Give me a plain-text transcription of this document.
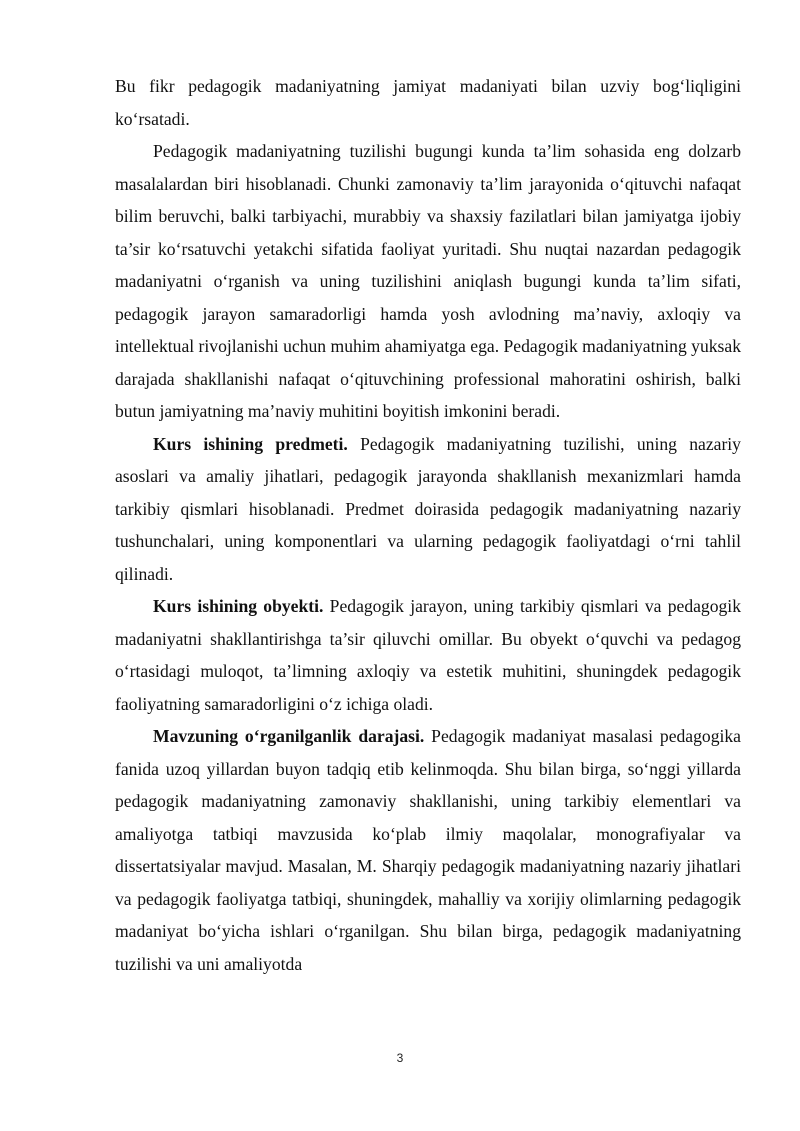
Bu fikr pedagogik madaniyatning jamiyat madaniyati bilan uzviy bog‘liqligini ko‘rsatadi.

Pedagogik madaniyatning tuzilishi bugungi kunda ta’lim sohasida eng dolzarb masalalardan biri hisoblanadi. Chunki zamonaviy ta’lim jarayonida o‘qituvchi nafaqat bilim beruvchi, balki tarbiyachi, murabbiy va shaxsiy fazilatlari bilan jamiyatga ijobiy ta’sir ko‘rsatuvchi yetakchi sifatida faoliyat yuritadi. Shu nuqtai nazardan pedagogik madaniyatni o‘rganish va uning tuzilishini aniqlash bugungi kunda ta’lim sifati, pedagogik jarayon samaradorligi hamda yosh avlodning ma’naviy, axloqiy va intellektual rivojlanishi uchun muhim ahamiyatga ega. Pedagogik madaniyatning yuksak darajada shakllanishi nafaqat o‘qituvchining professional mahoratini oshirish, balki butun jamiyatning ma’naviy muhitini boyitish imkonini beradi.

Kurs ishining predmeti. Pedagogik madaniyatning tuzilishi, uning nazariy asoslari va amaliy jihatlari, pedagogik jarayonda shakllanish mexanizmlari hamda tarkibiy qismlari hisoblanadi. Predmet doirasida pedagogik madaniyatning nazariy tushunchalari, uning komponentlari va ularning pedagogik faoliyatdagi o‘rni tahlil qilinadi.

Kurs ishining obyekti. Pedagogik jarayon, uning tarkibiy qismlari va pedagogik madaniyatni shakllantirishga ta’sir qiluvchi omillar. Bu obyekt o‘quvchi va pedagog o‘rtasidagi muloqot, ta’limning axloqiy va estetik muhitini, shuningdek pedagogik faoliyatning samaradorligini o‘z ichiga oladi.

Mavzuning o‘rganilganlik darajasi. Pedagogik madaniyat masalasi pedagogika fanida uzoq yillardan buyon tadqiq etib kelinmoqda. Shu bilan birga, so‘nggi yillarda pedagogik madaniyatning zamonaviy shakllanishi, uning tarkibiy elementlari va amaliyotga tatbiqi mavzusida ko‘plab ilmiy maqolalar, monografiyalar va dissertatsiyalar mavjud. Masalan, M. Sharqiy pedagogik madaniyatning nazariy jihatlari va pedagogik faoliyatga tatbiqi, shuningdek, mahalliy va xorijiy olimlarning pedagogik madaniyat bo‘yicha ishlari o‘rganilgan. Shu bilan birga, pedagogik madaniyatning tuzilishi va uni amaliyotda

3
